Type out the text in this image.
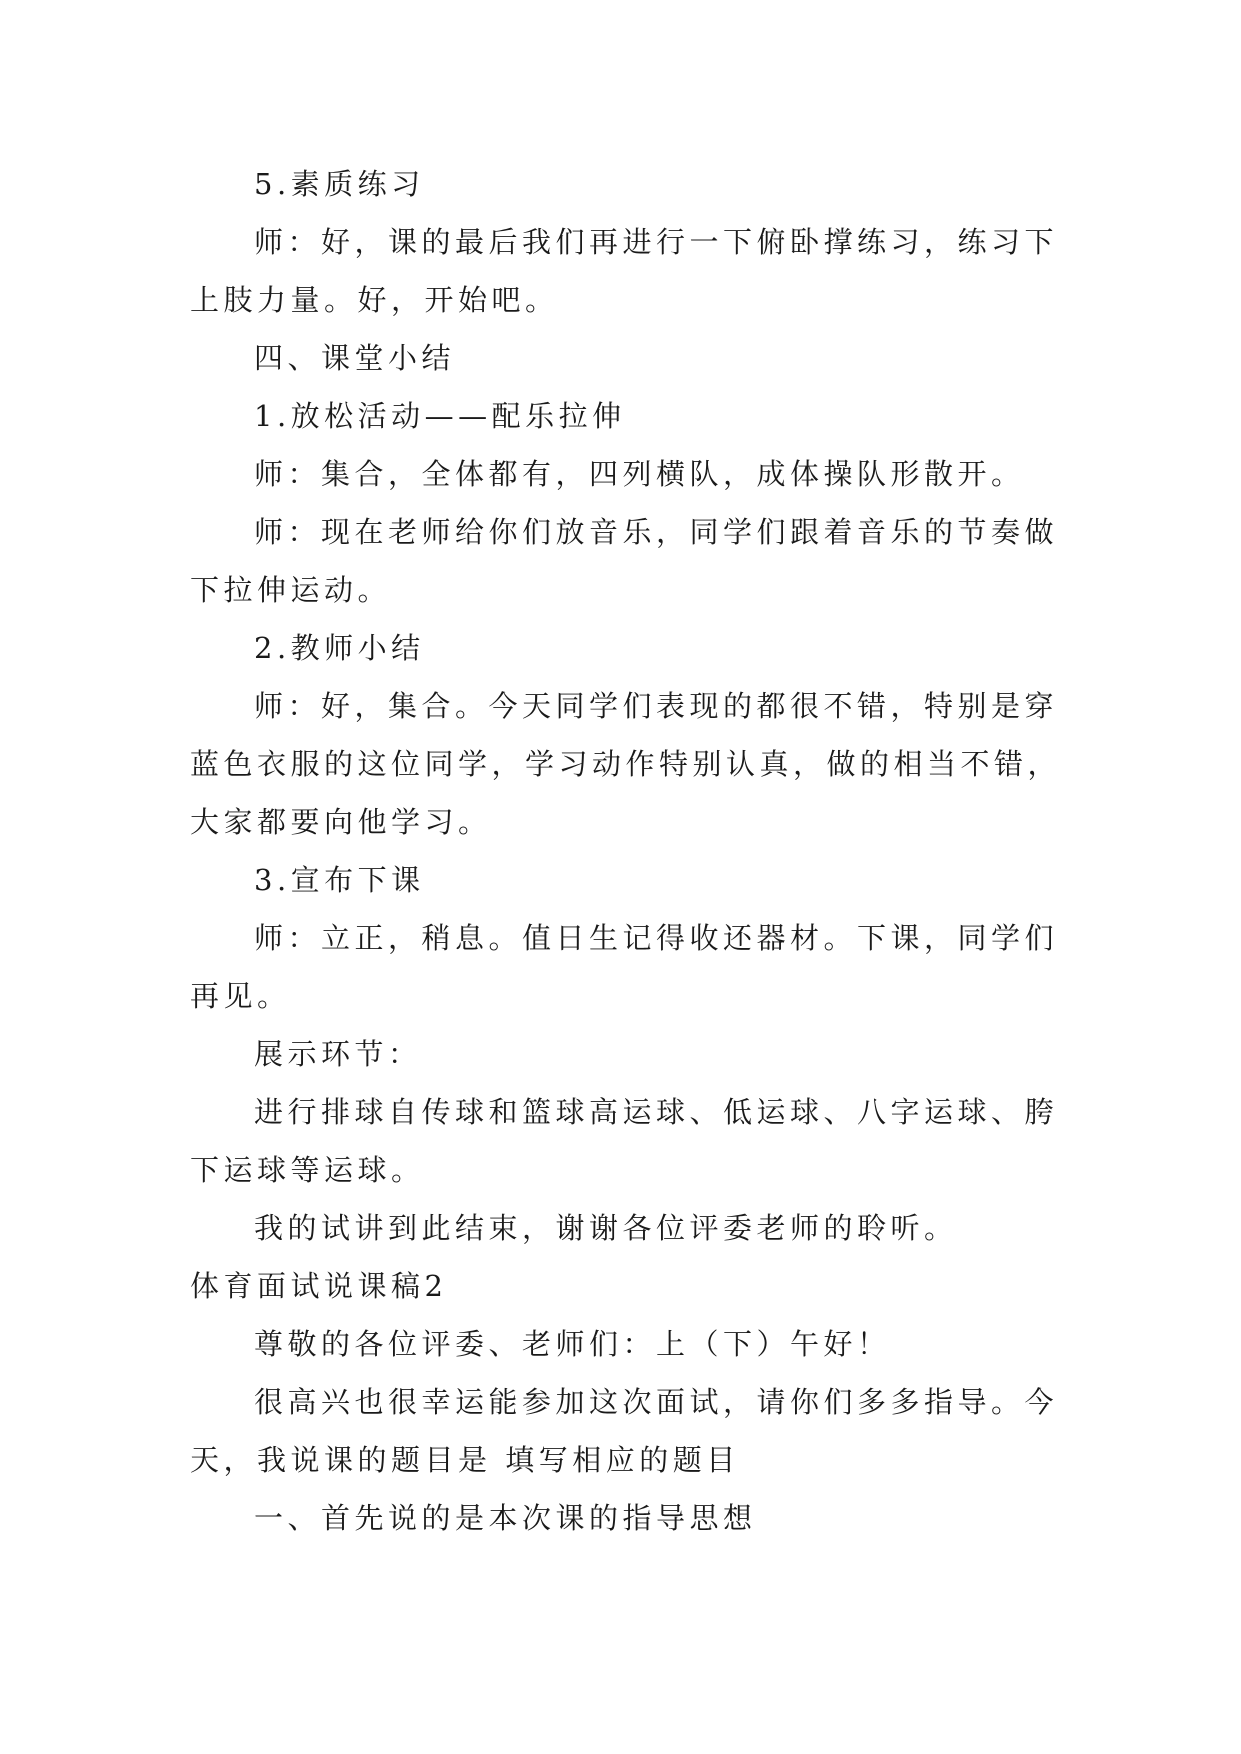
5.素质练习

师：好，课的最后我们再进行一下俯卧撑练习，练习下

上肢力量。好，开始吧。

四、课堂小结

1.放松活动——配乐拉伸

师：集合，全体都有，四列横队，成体操队形散开。

师：现在老师给你们放音乐，同学们跟着音乐的节奏做

下拉伸运动。

2.教师小结

师：好，集合。今天同学们表现的都很不错，特别是穿

蓝色衣服的这位同学，学习动作特别认真，做的相当不错，

大家都要向他学习。

3.宣布下课

师：立正，稍息。值日生记得收还器材。下课，同学们

再见。

展示环节：

进行排球自传球和篮球高运球、低运球、八字运球、胯

下运球等运球。

我的试讲到此结束，谢谢各位评委老师的聆听。

体育面试说课稿2

尊敬的各位评委、老师们：上（下）午好！

很高兴也很幸运能参加这次面试，请你们多多指导。今

天，我说课的题目是 填写相应的题目

一、首先说的是本次课的指导思想
